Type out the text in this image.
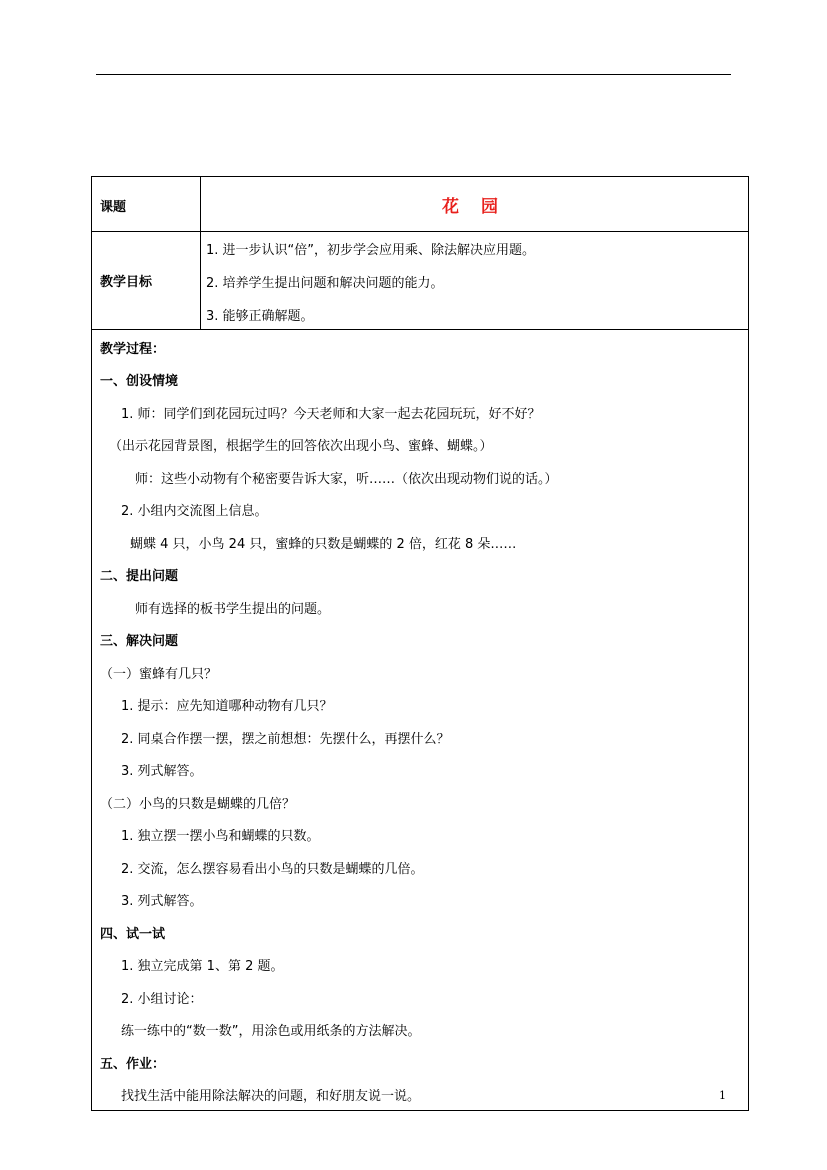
课题	花 园
教学目标
1. 进一步认识“倍”，初步学会应用乘、除法解决应用题。
2. 培养学生提出问题和解决问题的能力。
3. 能够正确解题。
教学过程：
一、创设情境
1. 师：同学们到花园玩过吗？今天老师和大家一起去花园玩玩，好不好？
（出示花园背景图，根据学生的回答依次出现小鸟、蜜蜂、蝴蝶。）
师：这些小动物有个秘密要告诉大家，听……（依次出现动物们说的话。）
2. 小组内交流图上信息。
蝴蝶 4 只，小鸟 24 只，蜜蜂的只数是蝴蝶的 2 倍，红花 8 朵……
二、提出问题
师有选择的板书学生提出的问题。
三、解决问题
（一）蜜蜂有几只？
1. 提示：应先知道哪种动物有几只？
2. 同桌合作摆一摆，摆之前想想：先摆什么，再摆什么？
3. 列式解答。
（二）小鸟的只数是蝴蝶的几倍？
1. 独立摆一摆小鸟和蝴蝶的只数。
2. 交流，怎么摆容易看出小鸟的只数是蝴蝶的几倍。
3. 列式解答。
四、试一试
1. 独立完成第 1、第 2 题。
2. 小组讨论：
练一练中的“数一数”，用涂色或用纸条的方法解决。
五、作业：
找找生活中能用除法解决的问题，和好朋友说一说。	1
